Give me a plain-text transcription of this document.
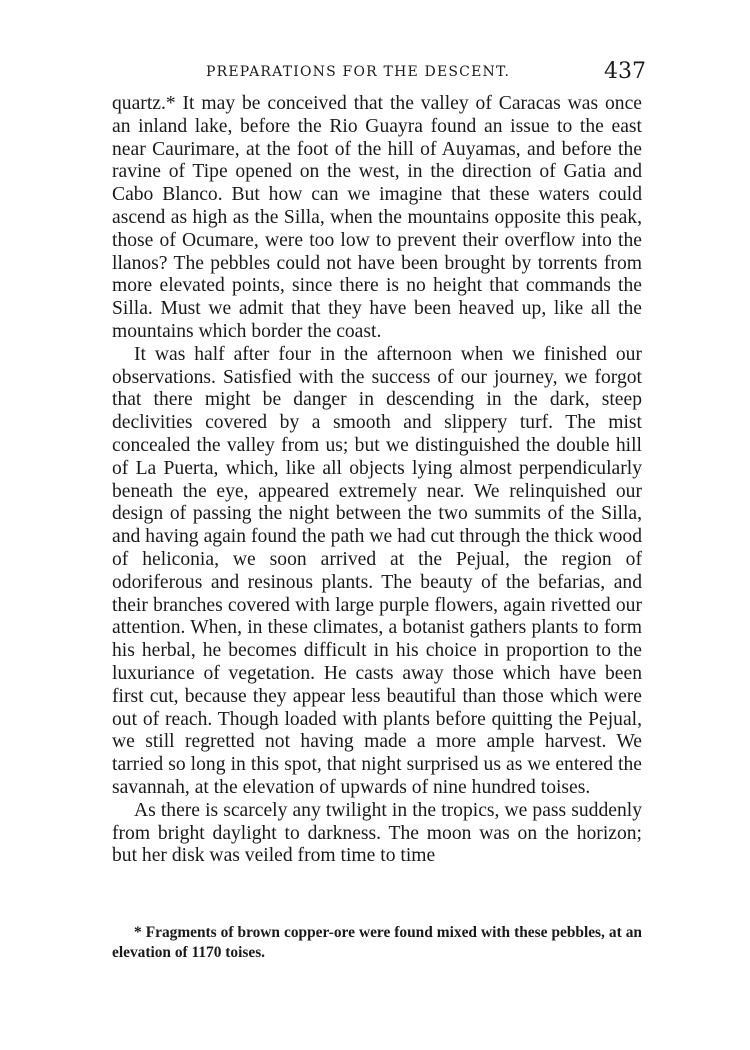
PREPARATIONS FOR THE DESCENT.	437

quartz.* It may be conceived that the valley of Caracas was once an inland lake, before the Rio Guayra found an issue to the east near Caurimare, at the foot of the hill of Auyamas, and before the ravine of Tipe opened on the west, in the direction of Gatia and Cabo Blanco. But how can we imagine that these waters could ascend as high as the Silla, when the mountains opposite this peak, those of Ocumare, were too low to prevent their overflow into the llanos? The pebbles could not have been brought by torrents from more elevated points, since there is no height that commands the Silla. Must we admit that they have been heaved up, like all the mountains which border the coast.

It was half after four in the afternoon when we finished our observations. Satisfied with the success of our journey, we forgot that there might be danger in descending in the dark, steep declivities covered by a smooth and slippery turf. The mist concealed the valley from us; but we distinguished the double hill of La Puerta, which, like all objects lying almost perpendicularly beneath the eye, appeared extremely near. We relinquished our design of passing the night between the two summits of the Silla, and having again found the path we had cut through the thick wood of heliconia, we soon arrived at the Pejual, the region of odoriferous and resinous plants. The beauty of the befarias, and their branches covered with large purple flowers, again rivetted our attention. When, in these climates, a botanist gathers plants to form his herbal, he becomes difficult in his choice in proportion to the luxuriance of vegetation. He casts away those which have been first cut, because they appear less beautiful than those which were out of reach. Though loaded with plants before quitting the Pejual, we still regretted not having made a more ample harvest. We tarried so long in this spot, that night surprised us as we entered the savannah, at the elevation of upwards of nine hundred toises.

As there is scarcely any twilight in the tropics, we pass suddenly from bright daylight to darkness. The moon was on the horizon; but her disk was veiled from time to time

* Fragments of brown copper-ore were found mixed with these pebbles, at an elevation of 1170 toises.
